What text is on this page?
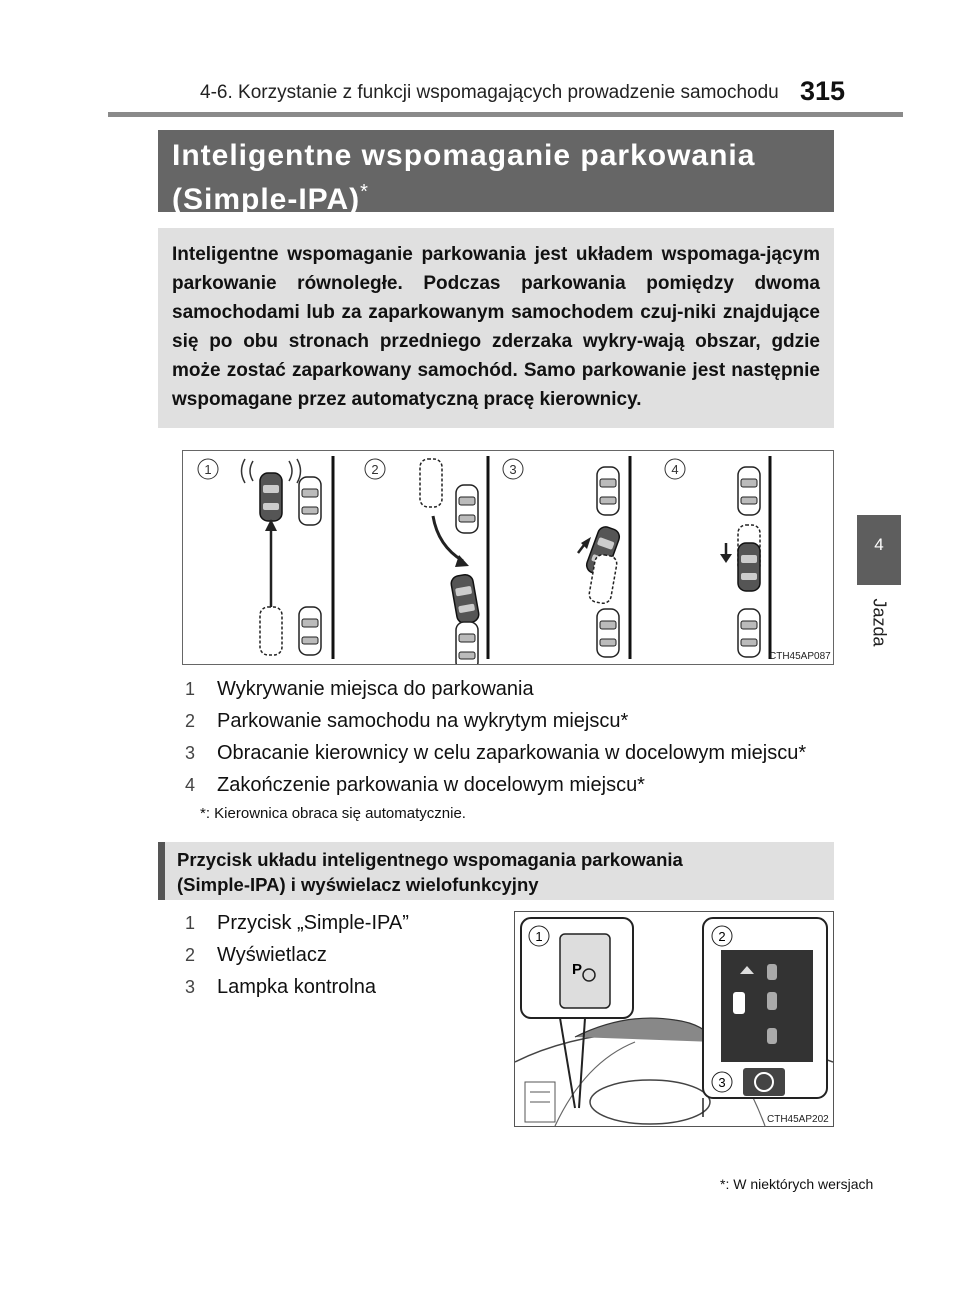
4-6. Korzystanie z funkcji wspomagających prowadzenie samochodu 315
4
Jazda
Inteligentne wspomaganie parkowania
(Simple-IPA)*
Inteligentne wspomaganie parkowania jest układem wspomaga-jącym parkowanie równoległe. Podczas parkowania pomiędzy dwoma samochodami lub za zaparkowanym samochodem czuj-niki znajdujące się po obu stronach przedniego zderzaka wykry-wają obszar, gdzie może zostać zaparkowany samochód. Samo parkowanie jest następnie wspomagane przez automatyczną pracę kierownicy.
1	2	3	4
CTH45AP087
1 Wykrywanie miejsca do parkowania
2 Parkowanie samochodu na wykrytym miejscu*
3 Obracanie kierownicy w celu zaparkowania w docelowym miejscu*
4 Zakończenie parkowania w docelowym miejscu*
*: Kierownica obraca się automatycznie.
Przycisk układu inteligentnego wspomagania parkowania
(Simple-IPA) i wyświelacz wielofunkcyjny
1 Przycisk „Simple-IPA”
2 Wyświetlacz
3 Lampka kontrolna
1
P
2
3
CTH45AP202
*: W niektórych wersjach
